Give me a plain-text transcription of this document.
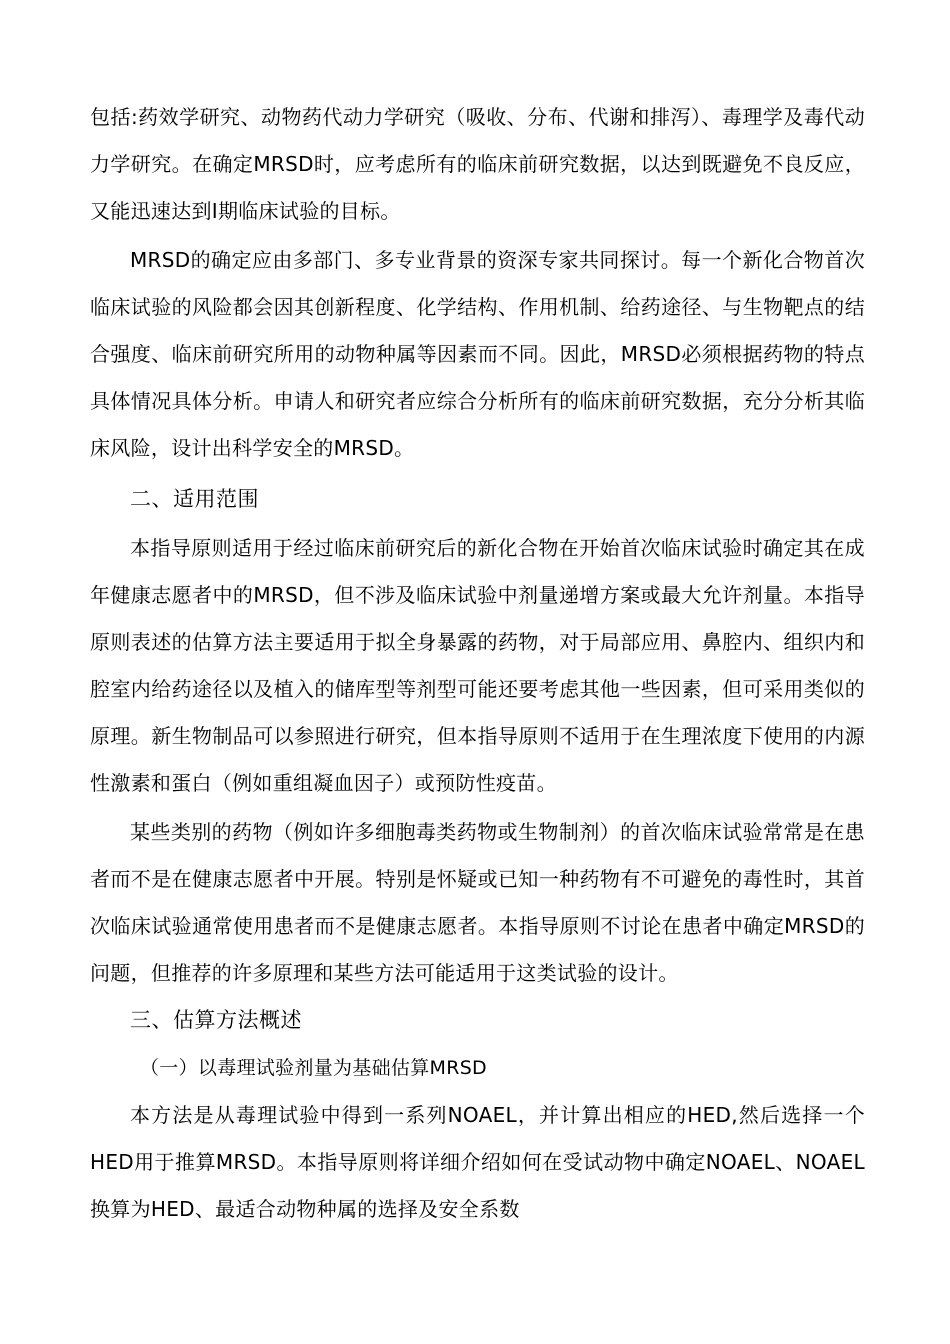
包括:药效学研究、动物药代动力学研究（吸收、分布、代谢和排泻）、毒理学及毒代动力学研究。在确定MRSD时，应考虑所有的临床前研究数据，以达到既避免不良反应，又能迅速达到I期临床试验的目标。

MRSD的确定应由多部门、多专业背景的资深专家共同探讨。每一个新化合物首次临床试验的风险都会因其创新程度、化学结构、作用机制、给药途径、与生物靶点的结合强度、临床前研究所用的动物种属等因素而不同。因此，MRSD必须根据药物的特点具体情况具体分析。申请人和研究者应综合分析所有的临床前研究数据，充分分析其临床风险，设计出科学安全的MRSD。

二、适用范围

本指导原则适用于经过临床前研究后的新化合物在开始首次临床试验时确定其在成年健康志愿者中的MRSD，但不涉及临床试验中剂量递增方案或最大允许剂量。本指导原则表述的估算方法主要适用于拟全身暴露的药物，对于局部应用、鼻腔内、组织内和腔室内给药途径以及植入的储库型等剂型可能还要考虑其他一些因素，但可采用类似的原理。新生物制品可以参照进行研究，但本指导原则不适用于在生理浓度下使用的内源性激素和蛋白（例如重组凝血因子）或预防性疫苗。

某些类别的药物（例如许多细胞毒类药物或生物制剂）的首次临床试验常常是在患者而不是在健康志愿者中开展。特别是怀疑或已知一种药物有不可避免的毒性时，其首次临床试验通常使用患者而不是健康志愿者。本指导原则不讨论在患者中确定MRSD的问题，但推荐的许多原理和某些方法可能适用于这类试验的设计。

三、估算方法概述
（一）以毒理试验剂量为基础估算MRSD

本方法是从毒理试验中得到一系列NOAEL，并计算出相应的HED,然后选择一个HED用于推算MRSD。本指导原则将详细介绍如何在受试动物中确定NOAEL、NOAEL换算为HED、最适合动物种属的选择及安全系数
